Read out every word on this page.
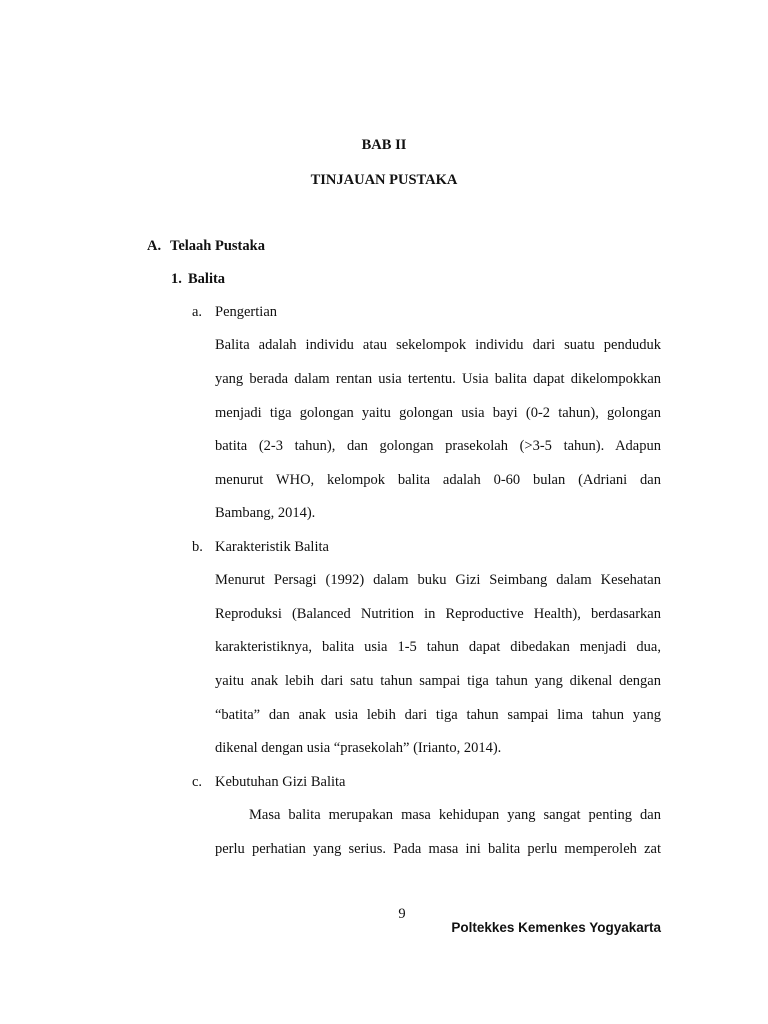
BAB II
TINJAUAN PUSTAKA
A. Telaah Pustaka
1. Balita
a. Pengertian
Balita adalah individu atau sekelompok individu dari suatu penduduk
yang berada dalam rentan usia tertentu. Usia balita dapat dikelompokkan
menjadi tiga golongan yaitu golongan usia bayi (0-2 tahun), golongan
batita (2-3 tahun), dan golongan prasekolah (>3-5 tahun). Adapun
menurut WHO, kelompok balita adalah 0-60 bulan (Adriani dan
Bambang, 2014).
b. Karakteristik Balita
Menurut Persagi (1992) dalam buku Gizi Seimbang dalam Kesehatan
Reproduksi (Balanced Nutrition in Reproductive Health), berdasarkan
karakteristiknya, balita usia 1-5 tahun dapat dibedakan menjadi dua,
yaitu anak lebih dari satu tahun sampai tiga tahun yang dikenal dengan
“batita” dan anak usia lebih dari tiga tahun sampai lima tahun yang
dikenal dengan usia “prasekolah” (Irianto, 2014).
c. Kebutuhan Gizi Balita
Masa balita merupakan masa kehidupan yang sangat penting dan
perlu perhatian yang serius. Pada masa ini balita perlu memperoleh zat
9
Poltekkes Kemenkes Yogyakarta
